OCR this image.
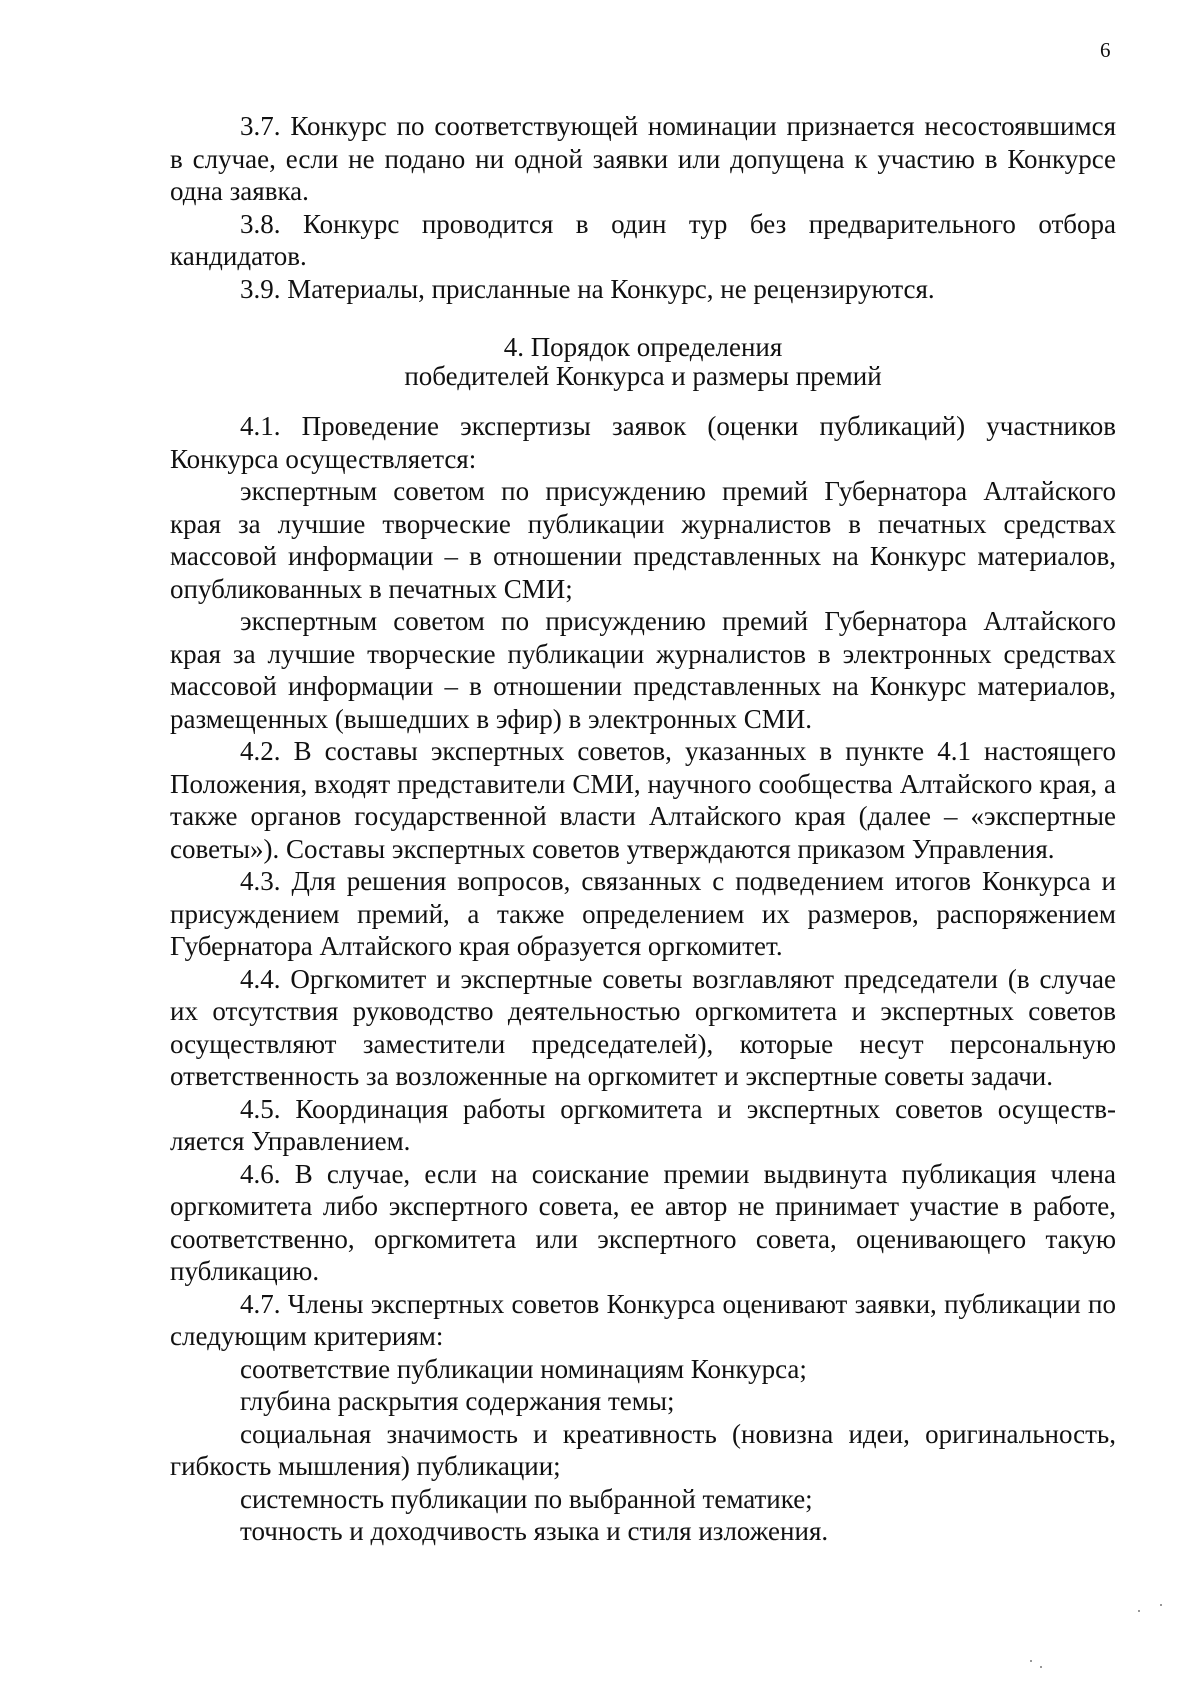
6

3.7. Конкурс по соответствующей номинации признается несостоявшимся в случае, если не подано ни одной заявки или допущена к участию в Конкурсе одна заявка.

3.8. Конкурс проводится в один тур без предварительного отбора кандидатов.

3.9. Материалы, присланные на Конкурс, не рецензируются.

4. Порядок определения
победителей Конкурса и размеры премий

4.1. Проведение экспертизы заявок (оценки публикаций) участников Конкурса осуществляется:

экспертным советом по присуждению премий Губернатора Алтайского края за лучшие творческие публикации журналистов в печатных средствах массовой информации – в отношении представленных на Конкурс материалов, опубликованных в печатных СМИ;

экспертным советом по присуждению премий Губернатора Алтайского края за лучшие творческие публикации журналистов в электронных средствах массовой информации – в отношении представленных на Конкурс материалов, размещенных (вышедших в эфир) в электронных СМИ.

4.2. В составы экспертных советов, указанных в пункте 4.1 настоящего Положения, входят представители СМИ, научного сообщества Алтайского края, а также органов государственной власти Алтайского края (далее – «экспертные советы»). Составы экспертных советов утверждаются приказом Управления.

4.3. Для решения вопросов, связанных с подведением итогов Конкурса и присуждением премий, а также определением их размеров, распоряжением Губернатора Алтайского края образуется оргкомитет.

4.4. Оргкомитет и экспертные советы возглавляют председатели (в случае их отсутствия руководство деятельностью оргкомитета и экспертных советов осуществляют заместители председателей), которые несут персональную ответственность за возложенные на оргкомитет и экспертные советы задачи.

4.5. Координация работы оргкомитета и экспертных советов осуществляется Управлением.

4.6. В случае, если на соискание премии выдвинута публикация члена оргкомитета либо экспертного совета, ее автор не принимает участие в работе, соответственно, оргкомитета или экспертного совета, оценивающего такую публикацию.

4.7. Члены экспертных советов Конкурса оценивают заявки, публикации по следующим критериям:

соответствие публикации номинациям Конкурса;

глубина раскрытия содержания темы;

социальная значимость и креативность (новизна идеи, оригинальность, гибкость мышления) публикации;

системность публикации по выбранной тематике;

точность и доходчивость языка и стиля изложения.
